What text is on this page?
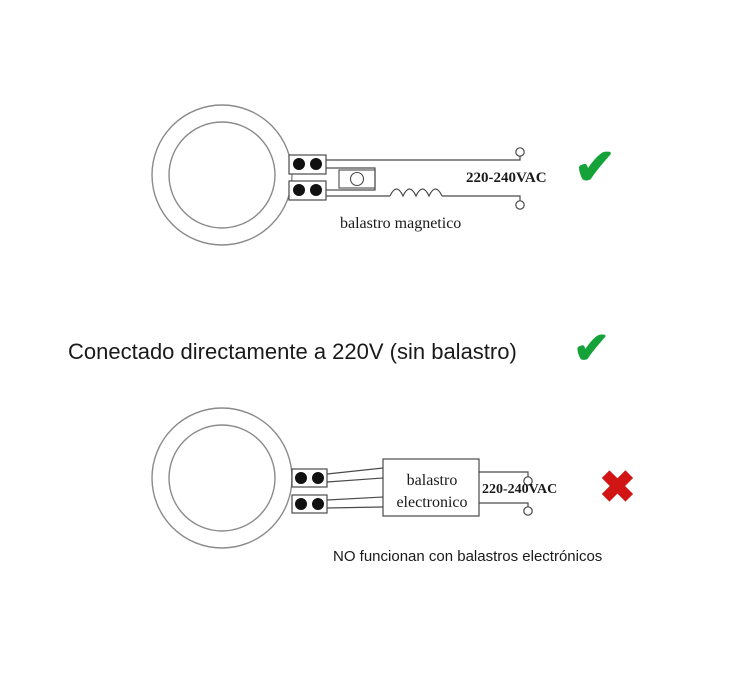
220-240VAC
balastro magnetico
Conectado directamente a 220V (sin balastro)
balastro
electronico
220-240VAC
NO funcionan con balastros electrónicos
✔
✔
✖
